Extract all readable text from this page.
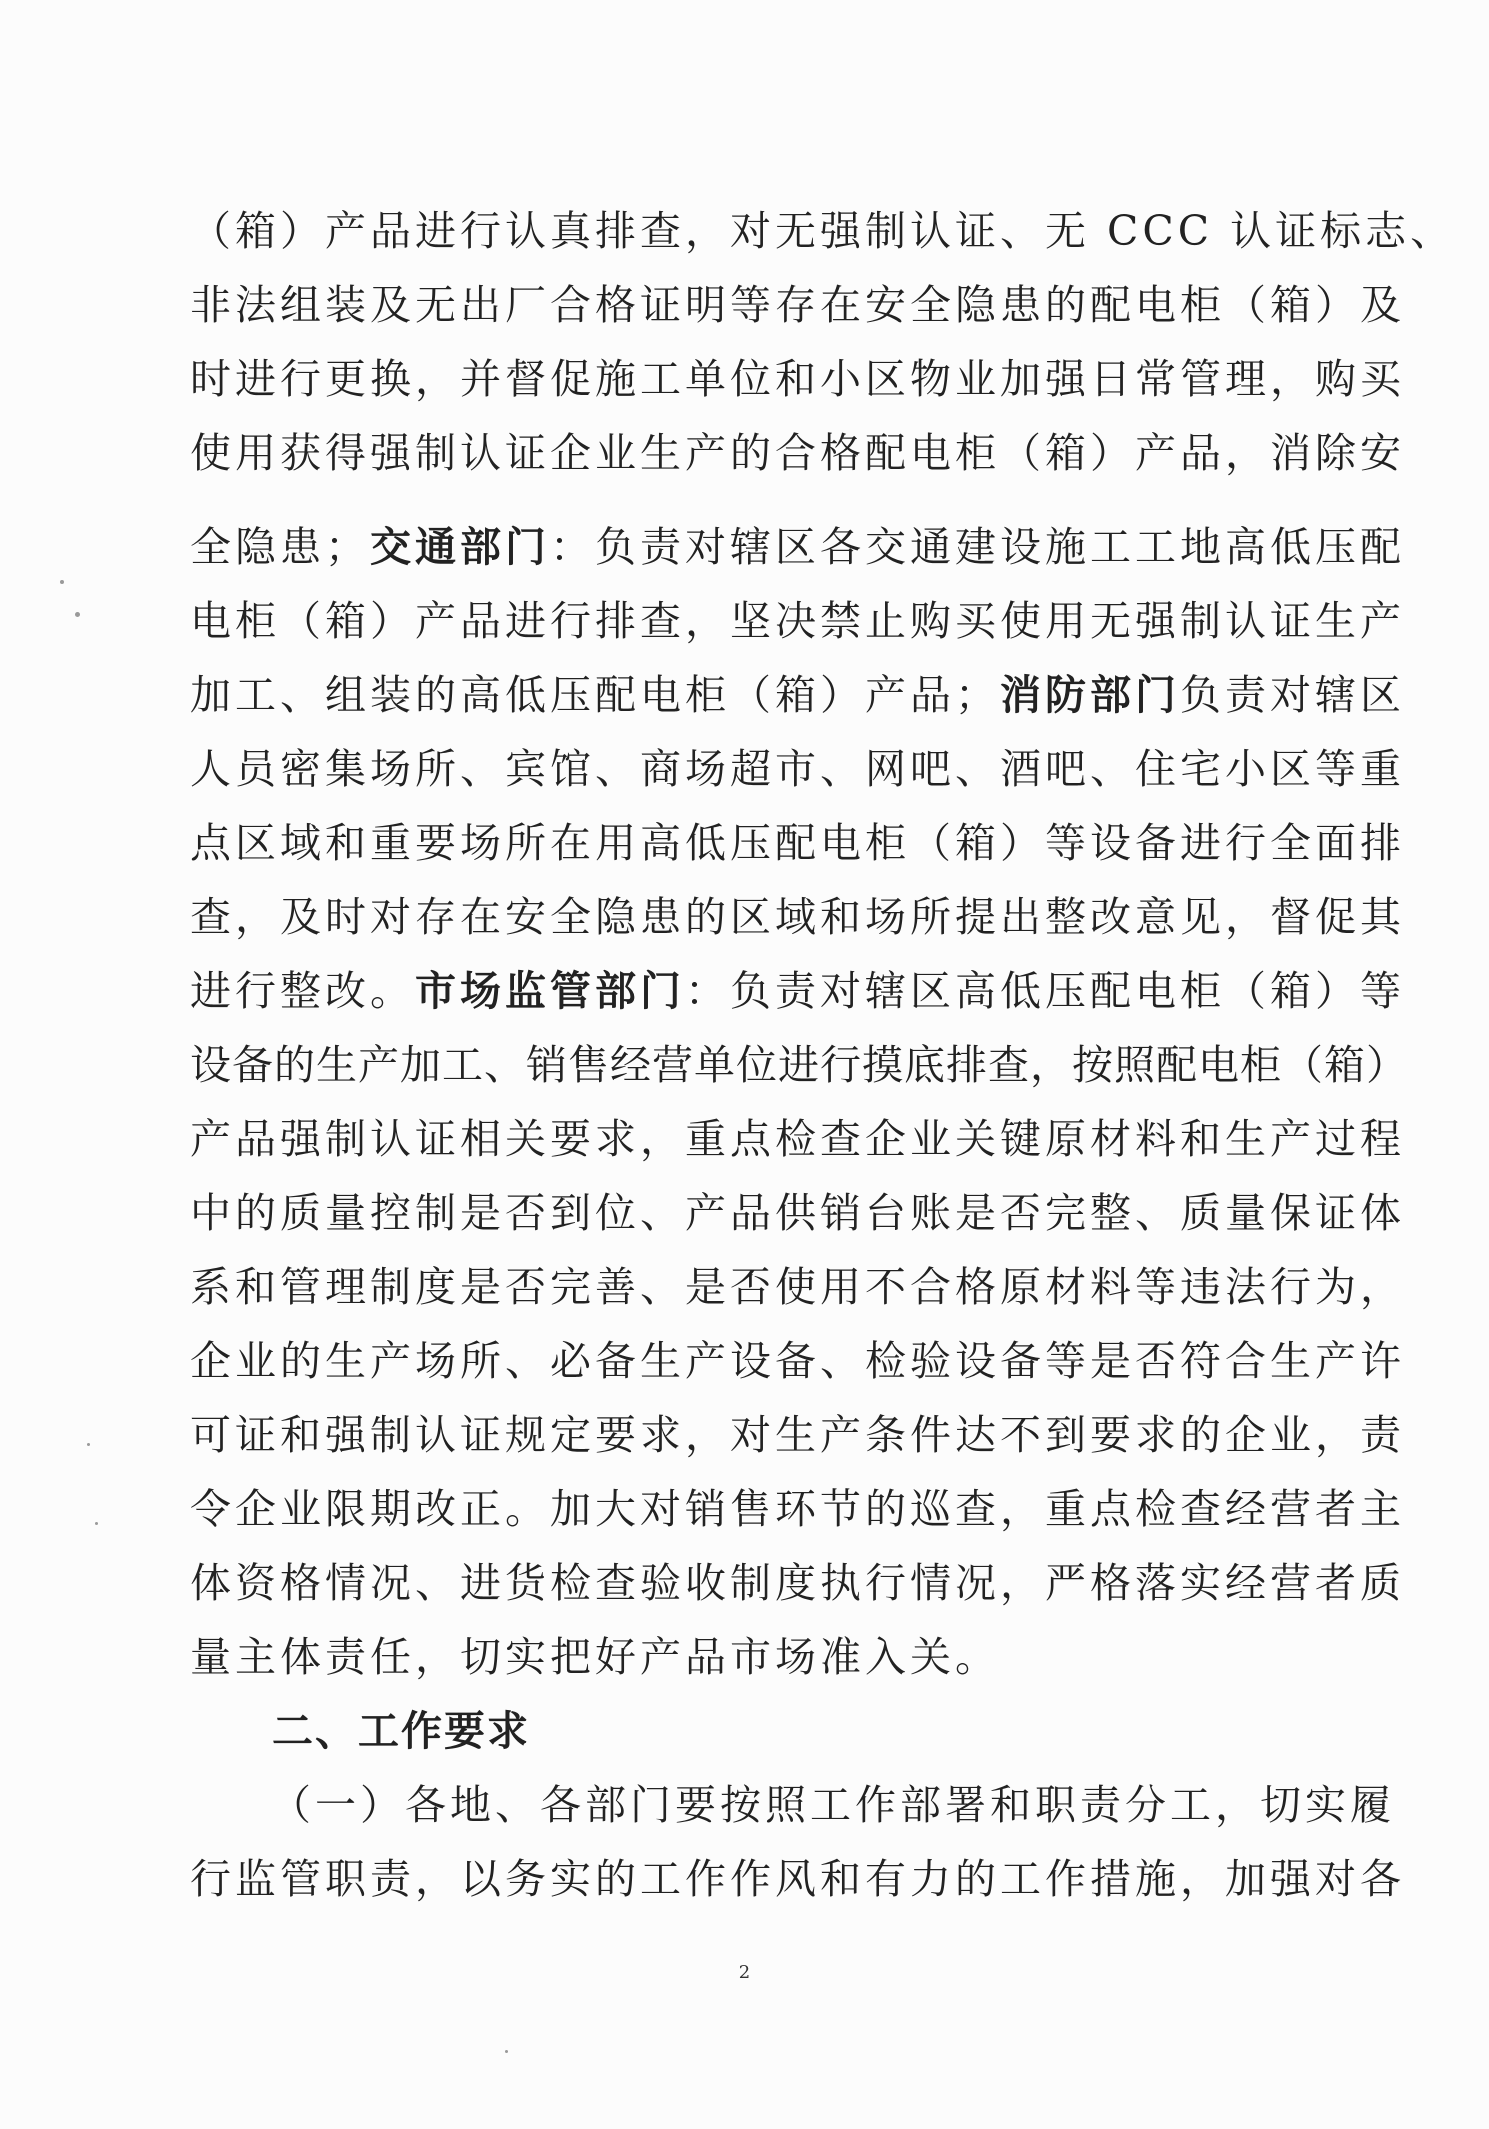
（箱）产品进行认真排查，对无强制认证、无 CCC 认证标志、
非法组装及无出厂合格证明等存在安全隐患的配电柜（箱）及
时进行更换，并督促施工单位和小区物业加强日常管理，购买
使用获得强制认证企业生产的合格配电柜（箱）产品，消除安
全隐患；交通部门：负责对辖区各交通建设施工工地高低压配
电柜（箱）产品进行排查，坚决禁止购买使用无强制认证生产
加工、组装的高低压配电柜（箱）产品；消防部门负责对辖区
人员密集场所、宾馆、商场超市、网吧、酒吧、住宅小区等重
点区域和重要场所在用高低压配电柜（箱）等设备进行全面排
查，及时对存在安全隐患的区域和场所提出整改意见，督促其
进行整改。市场监管部门：负责对辖区高低压配电柜（箱）等
设备的生产加工、销售经营单位进行摸底排查，按照配电柜（箱）
产品强制认证相关要求，重点检查企业关键原材料和生产过程
中的质量控制是否到位、产品供销台账是否完整、质量保证体
系和管理制度是否完善、是否使用不合格原材料等违法行为，
企业的生产场所、必备生产设备、检验设备等是否符合生产许
可证和强制认证规定要求，对生产条件达不到要求的企业，责
令企业限期改正。加大对销售环节的巡查，重点检查经营者主
体资格情况、进货检查验收制度执行情况，严格落实经营者质
量主体责任，切实把好产品市场准入关。
二、工作要求
（一）各地、各部门要按照工作部署和职责分工，切实履
行监管职责，以务实的工作作风和有力的工作措施，加强对各
2
